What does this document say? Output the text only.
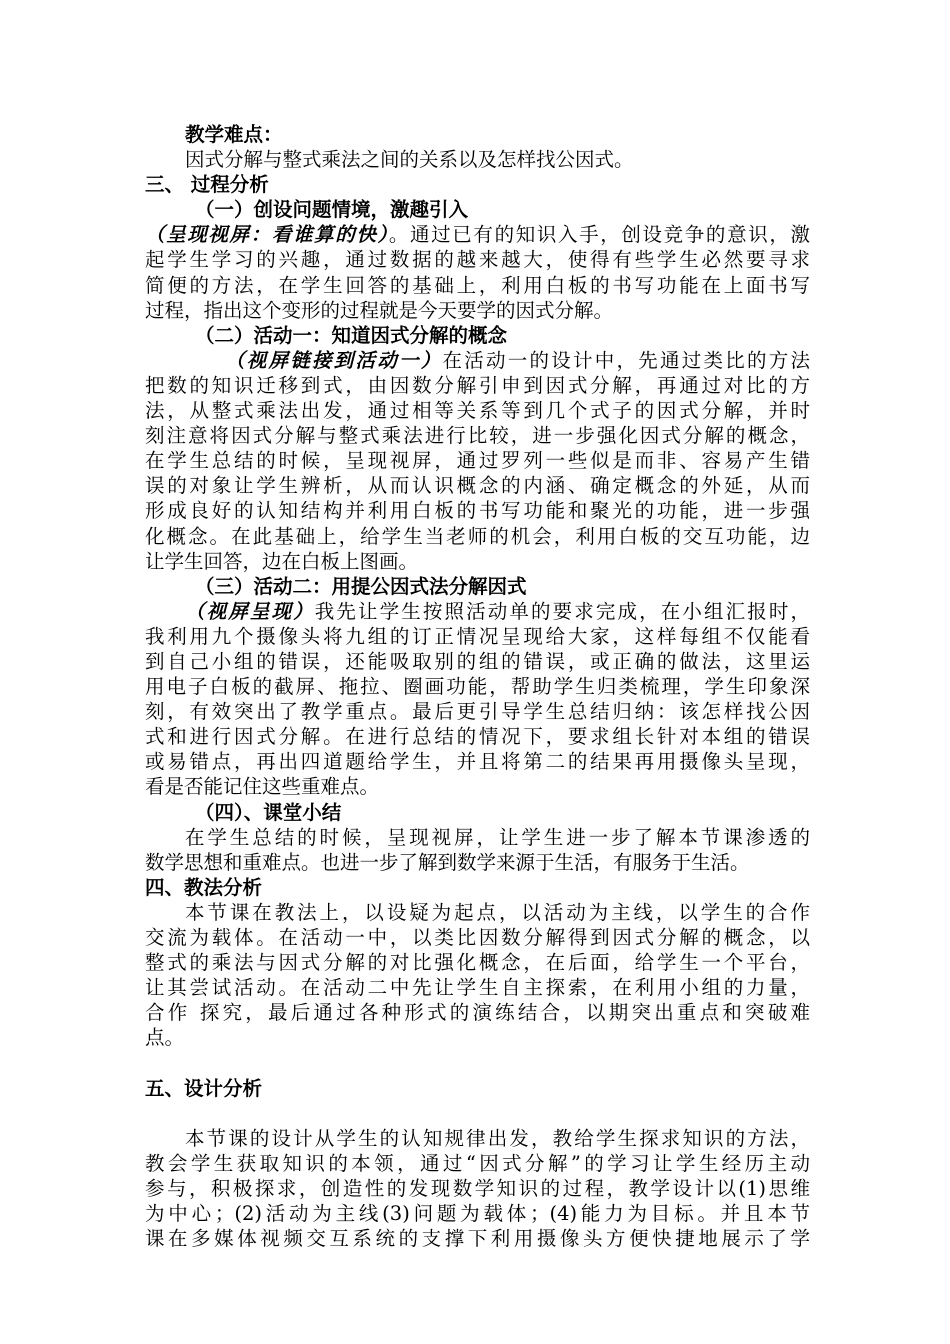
教学难点：
因式分解与整式乘法之间的关系以及怎样找公因式。
三、 过程分析
（一）创设问题情境，激趣引入
（呈现视屏：看谁算的快）。通过已有的知识入手，创设竞争的意识，激
起学生学习的兴趣，通过数据的越来越大，使得有些学生必然要寻求
简便的方法，在学生回答的基础上，利用白板的书写功能在上面书写
过程，指出这个变形的过程就是今天要学的因式分解。
（二）活动一：知道因式分解的概念
（视屏链接到活动一）在活动一的设计中，先通过类比的方法
把数的知识迁移到式，由因数分解引申到因式分解，再通过对比的方
法，从整式乘法出发，通过相等关系等到几个式子的因式分解，并时
刻注意将因式分解与整式乘法进行比较，进一步强化因式分解的概念，
在学生总结的时候，呈现视屏，通过罗列一些似是而非、容易产生错
误的对象让学生辨析，从而认识概念的内涵、确定概念的外延，从而
形成良好的认知结构并利用白板的书写功能和聚光的功能，进一步强
化概念。在此基础上，给学生当老师的机会，利用白板的交互功能，边
让学生回答，边在白板上图画。
（三）活动二：用提公因式法分解因式
（视屏呈现）我先让学生按照活动单的要求完成，在小组汇报时，
我利用九个摄像头将九组的订正情况呈现给大家，这样每组不仅能看
到自己小组的错误，还能吸取别的组的错误，或正确的做法，这里运
用电子白板的截屏、拖拉、圈画功能，帮助学生归类梳理，学生印象深
刻，有效突出了教学重点。最后更引导学生总结归纳：该怎样找公因
式和进行因式分解。在进行总结的情况下，要求组长针对本组的错误
或易错点，再出四道题给学生，并且将第二的结果再用摄像头呈现，
看是否能记住这些重难点。
（四）、课堂小结
在学生总结的时候，呈现视屏，让学生进一步了解本节课渗透的
数学思想和重难点。也进一步了解到数学来源于生活，有服务于生活。
四、教法分析
本节课在教法上，以设疑为起点，以活动为主线，以学生的合作
交流为载体。在活动一中，以类比因数分解得到因式分解的概念，以
整式的乘法与因式分解的对比强化概念，在后面，给学生一个平台，
让其尝试活动。在活动二中先让学生自主探索，在利用小组的力量，
合作 探究，最后通过各种形式的演练结合，以期突出重点和突破难
点。
五、设计分析
本节课的设计从学生的认知规律出发，教给学生探求知识的方法，
教会学生获取知识的本领，通过“因式分解”的学习让学生经历主动
参与，积极探求，创造性的发现数学知识的过程，教学设计以(1)思维
为中心；(2)活动为主线(3)问题为载体；(4)能力为目标。并且本节
课在多媒体视频交互系统的支撑下利用摄像头方便快捷地展示了学
